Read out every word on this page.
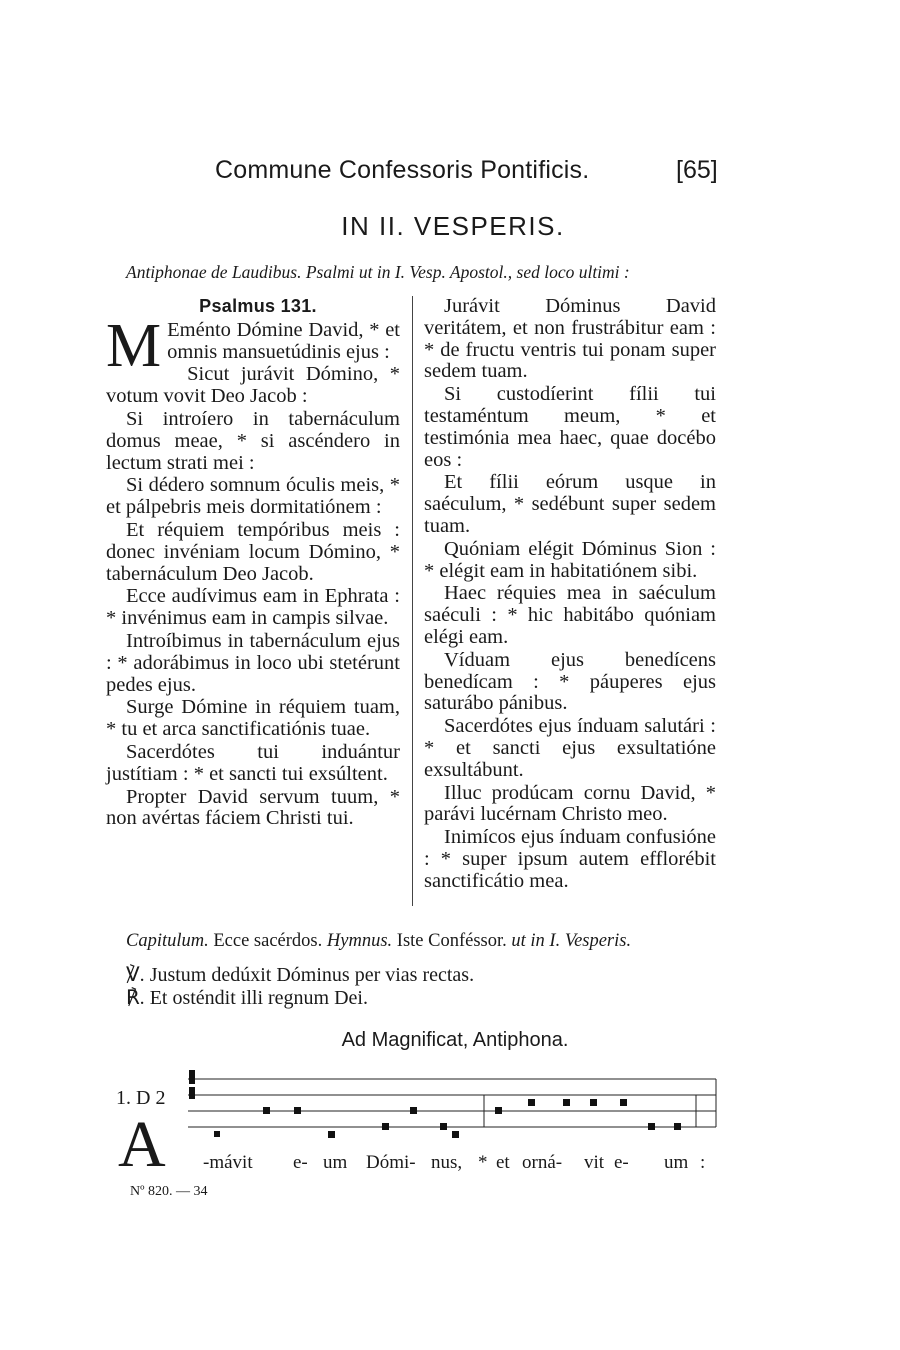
Commune Confessoris Pontificis.	[65]
IN II. VESPERIS.
Antiphonae de Laudibus. Psalmi ut in I. Vesp. Apostol., sed loco ultimi :
Psalmus 131.
M Eménto Dómine David, * et omnis mansuetúdinis ejus :
Sicut jurávit Dómino, * votum vovit Deo Jacob :
Si introíero in tabernáculum domus meae, * si ascéndero in lectum strati mei :
Si dédero somnum óculis meis, * et pálpebris meis dormitatiónem :
Et réquiem tempóribus meis : donec invéniam locum Dómino, * tabernáculum Deo Jacob.
Ecce audívimus eam in Ephrata : * invénimus eam in campis silvae.
Introíbimus in tabernáculum ejus : * adorábimus in loco ubi stetérunt pedes ejus.
Surge Dómine in réquiem tuam, * tu et arca sanctificatiónis tuae.
Sacerdótes tui induántur justítiam : * et sancti tui exsúltent.
Propter David servum tuum, * non avértas fáciem Christi tui.
Jurávit Dóminus David veritátem, et non frustrábitur eam : * de fructu ventris tui ponam super sedem tuam.
Si custodíerint fílii tui testaméntum meum, * et testimónia mea haec, quae docébo eos :
Et fílii eórum usque in saéculum, * sedébunt super sedem tuam.
Quóniam elégit Dóminus Sion : * elégit eam in habitatiónem sibi.
Haec réquies mea in saéculum saéculi : * hic habitábo quóniam elégi eam.
Víduam ejus benedícens benedícam : * páuperes ejus saturábo pánibus.
Sacerdótes ejus índuam salutári : * et sancti ejus exsultatióne exsultábunt.
Illuc prodúcam cornu David, * parávi lucérnam Christo meo.
Inimícos ejus índuam confusióne : * super ipsum autem efflorébit sanctificátio mea.
Capitulum. Ecce sacérdos. Hymnus. Iste Conféssor. ut in I. Vesperis.
℣. Justum dedúxit Dóminus per vias rectas.
℟. Et osténdit illi regnum Dei.
Ad Magnificat, Antiphona.
1. D 2
A -mávit e- um Dómi- nus, * et orná- vit e- um :
Nº 820. — 34
